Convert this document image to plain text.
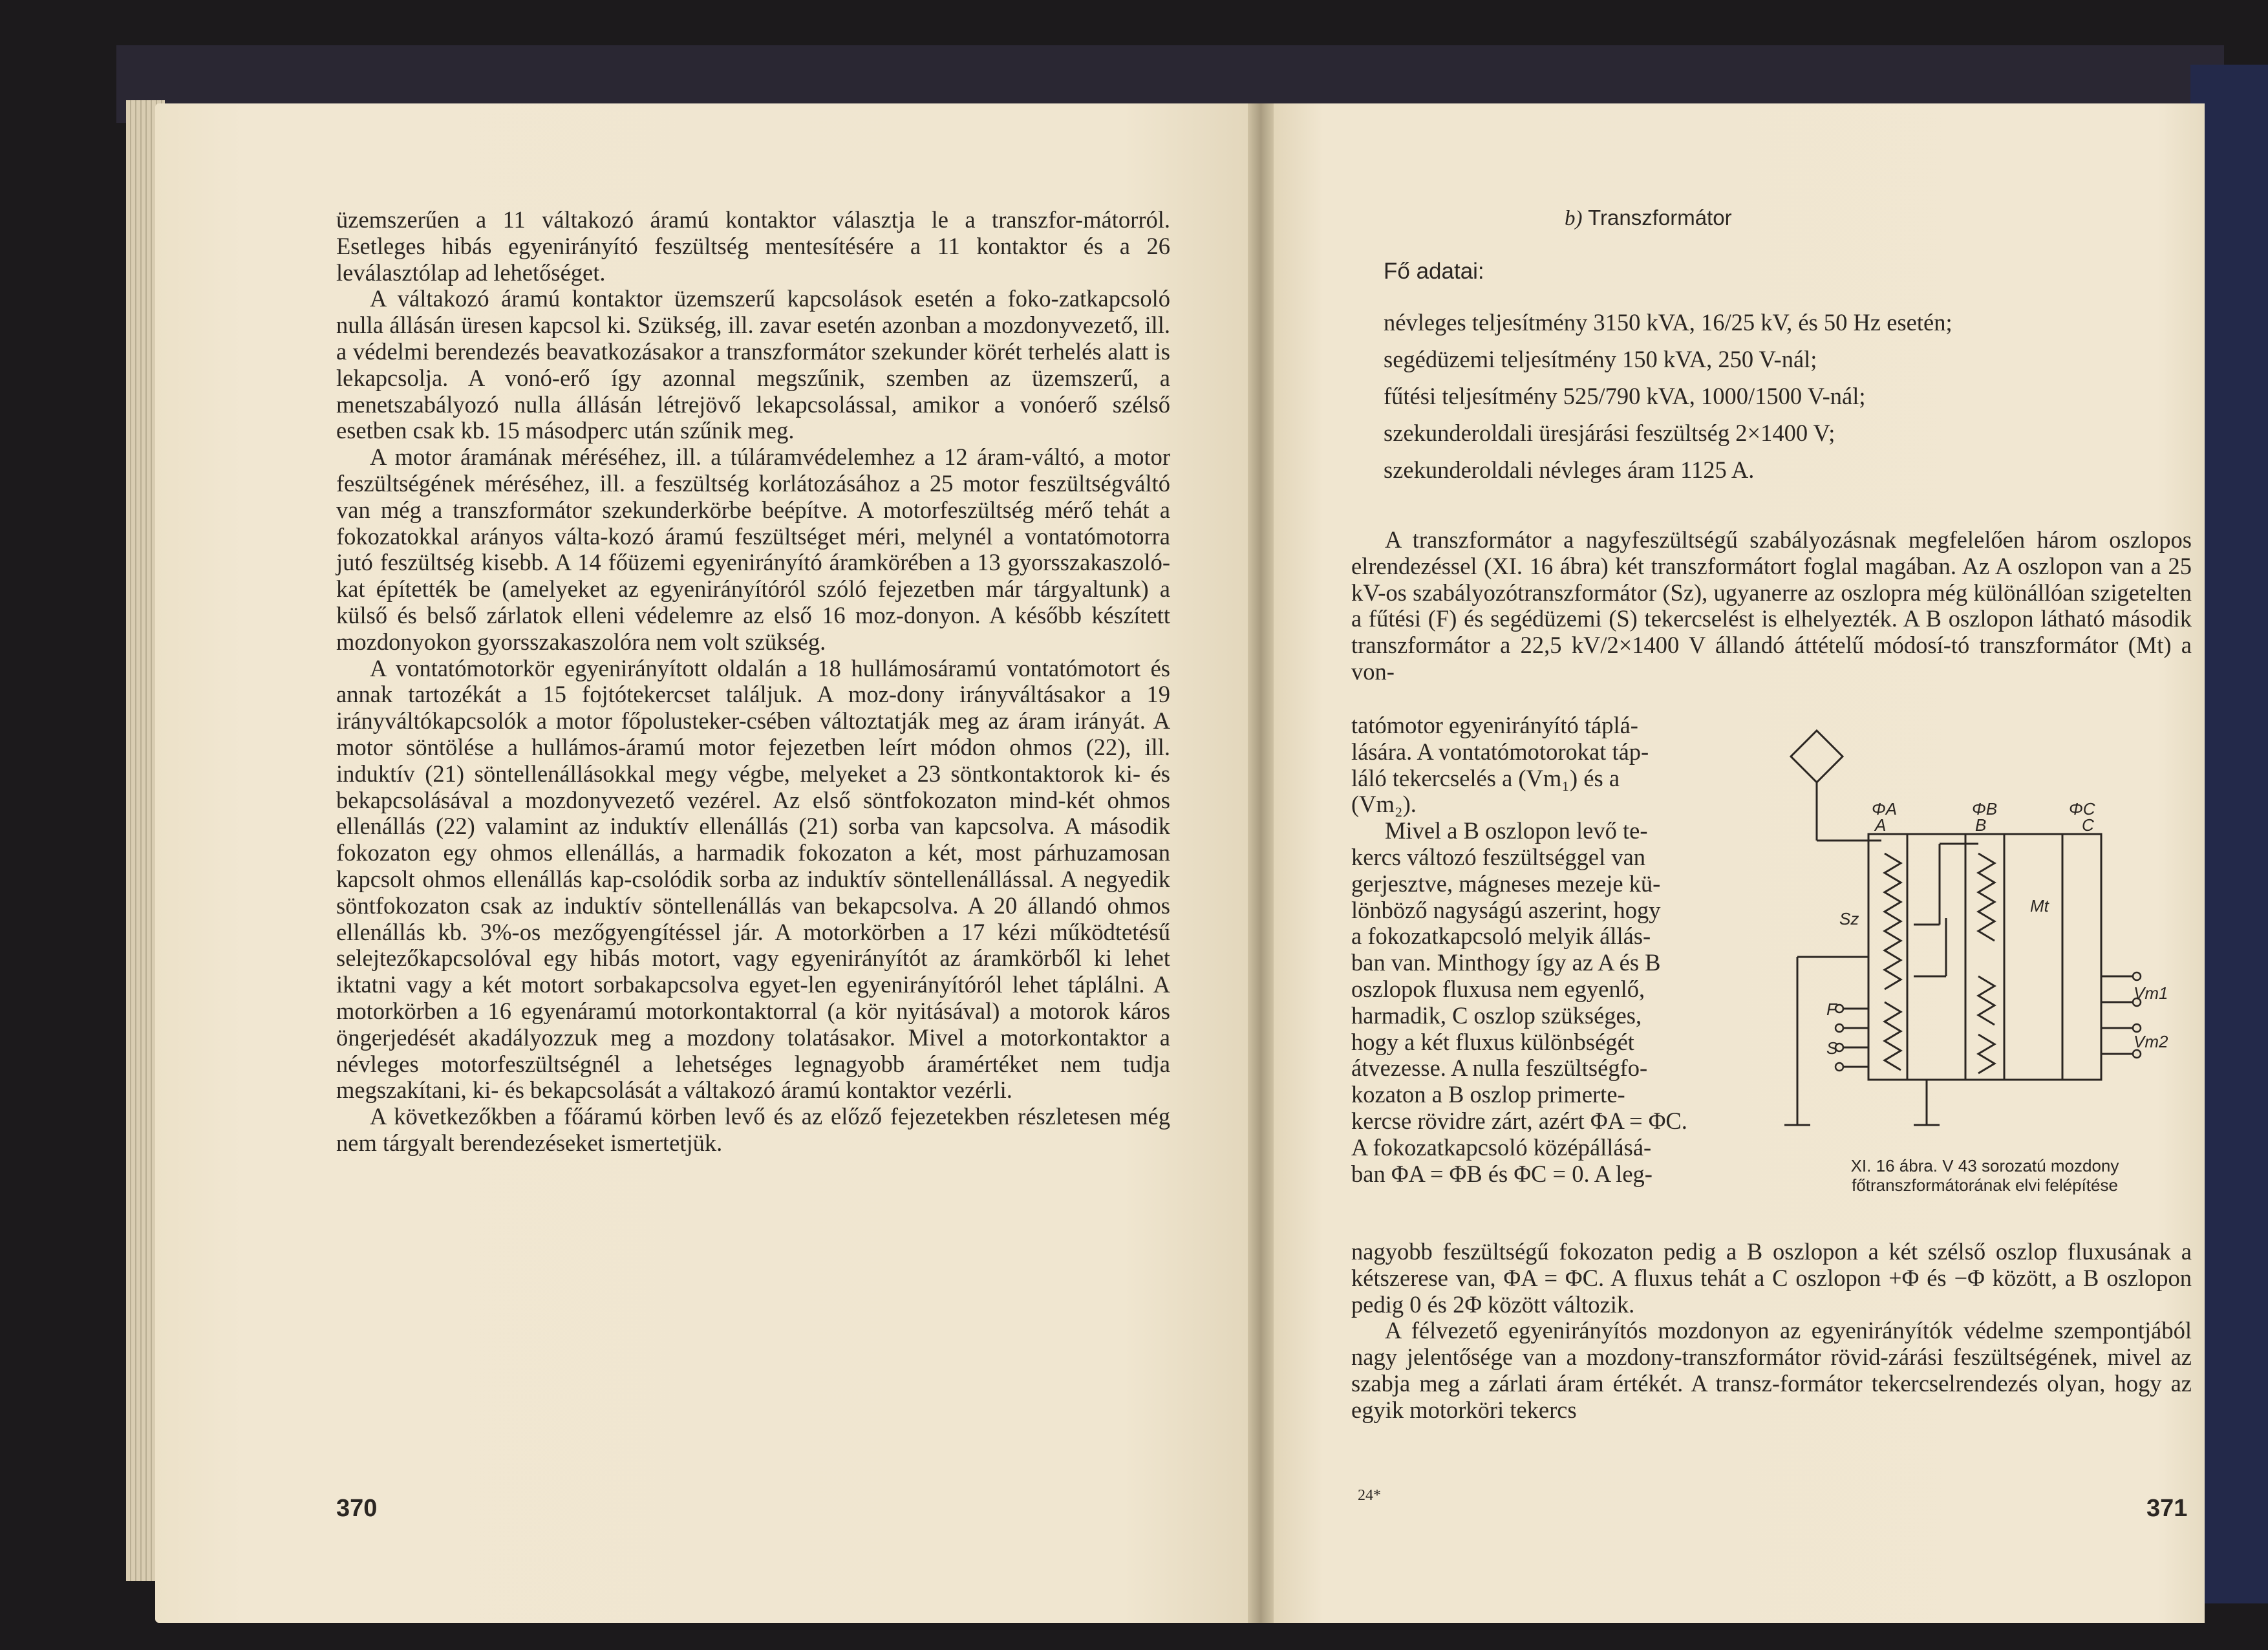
üzemszerűen a 11 váltakozó áramú kontaktor választja le a transzfor-mátorról. Esetleges hibás egyenirányító feszültség mentesítésére a 11 kontaktor és a 26 leválasztólap ad lehetőséget.

A váltakozó áramú kontaktor üzemszerű kapcsolások esetén a foko-zatkapcsoló nulla állásán üresen kapcsol ki. Szükség, ill. zavar esetén azonban a mozdonyvezető, ill. a védelmi berendezés beavatkozásakor a transzformátor szekunder körét terhelés alatt is lekapcsolja. A vonó-erő így azonnal megszűnik, szemben az üzemszerű, a menetszabályozó nulla állásán létrejövő lekapcsolással, amikor a vonóerő szélső esetben csak kb. 15 másodperc után szűnik meg.

A motor áramának méréséhez, ill. a túláramvédelemhez a 12 áram-váltó, a motor feszültségének méréséhez, ill. a feszültség korlátozásához a 25 motor feszültségváltó van még a transzformátor szekunderkörbe beépítve. A motorfeszültség mérő tehát a fokozatokkal arányos válta-kozó áramú feszültséget méri, melynél a vontatómotorra jutó feszültség kisebb. A 14 főüzemi egyenirányító áramkörében a 13 gyorsszakaszoló-kat építették be (amelyeket az egyenirányítóról szóló fejezetben már tárgyaltunk) a külső és belső zárlatok elleni védelemre az első 16 moz-donyon. A később készített mozdonyokon gyorsszakaszolóra nem volt szükség.

A vontatómotorkör egyenirányított oldalán a 18 hullámosáramú vontatómotort és annak tartozékát a 15 fojtótekercset találjuk. A moz-dony irányváltásakor a 19 irányváltókapcsolók a motor főpolusteker-csében változtatják meg az áram irányát. A motor söntölése a hullámos-áramú motor fejezetben leírt módon ohmos (22), ill. induktív (21) söntellenállásokkal megy végbe, melyeket a 23 söntkontaktorok ki- és bekapcsolásával a mozdonyvezető vezérel. Az első söntfokozaton mind-két ohmos ellenállás (22) valamint az induktív ellenállás (21) sorba van kapcsolva. A második fokozaton egy ohmos ellenállás, a harmadik fokozaton a két, most párhuzamosan kapcsolt ohmos ellenállás kap-csolódik sorba az induktív söntellenállással. A negyedik söntfokozaton csak az induktív söntellenállás van bekapcsolva. A 20 állandó ohmos ellenállás kb. 3%-os mezőgyengítéssel jár. A motorkörben a 17 kézi működtetésű selejtezőkapcsolóval egy hibás motort, vagy egyenirányítót az áramkörből ki lehet iktatni vagy a két motort sorbakapcsolva egyet-len egyenirányítóról lehet táplálni. A motorkörben a 16 egyenáramú motorkontaktorral (a kör nyitásával) a motorok káros öngerjedését akadályozzuk meg a mozdony tolatásakor. Mivel a motorkontaktor a névleges motorfeszültségnél a lehetséges legnagyobb áramértéket nem tudja megszakítani, ki- és bekapcsolását a váltakozó áramú kontaktor vezérli.

A következőkben a főáramú körben levő és az előző fejezetekben részletesen még nem tárgyalt berendezéseket ismertetjük.

370
b) Transzformátor
Fő adatai:
névleges teljesítmény 3150 kVA, 16/25 kV, és 50 Hz esetén;
segédüzemi teljesítmény 150 kVA, 250 V-nál;
fűtési teljesítmény 525/790 kVA, 1000/1500 V-nál;
szekunderoldali üresjárási feszültség 2×1400 V;
szekunderoldali névleges áram 1125 A.

A transzformátor a nagyfeszültségű szabályozásnak megfelelően három oszlopos elrendezéssel (XI. 16 ábra) két transzformátort foglal magában. Az A oszlopon van a 25 kV-os szabályozótranszformátor (Sz), ugyanerre az oszlopra még különállóan szigetelten a fűtési (F) és segédüzemi (S) tekercselést is elhelyezték. A B oszlopon látható második transzformátor a 22,5 kV/2×1400 V állandó áttételű módosí-tó transzformátor (Mt) a von-

tatómotor egyenirányító táplá-
lására. A vontatómotorokat táp-
láló tekercselés a (Vm₁) és a
(Vm₂).
Mivel a B oszlopon levő te-
kercs változó feszültséggel van
gerjesztve, mágneses mezeje kü-
lönböző nagyságú aszerint, hogy
a fokozatkapcsoló melyik állás-
ban van. Minthogy így az A és B
oszlopok fluxusa nem egyenlő,
harmadik, C oszlop szükséges,
hogy a két fluxus különbségét
átvezesse. A nulla feszültségfo-
kozaton a B oszlop primerte-
kercse rövidre zárt, azért ΦA = ΦC.
A fokozatkapcsoló középállásá-
ban ΦA = ΦB és ΦC = 0. A leg-
ΦA	ΦB	ΦC
A	B	C
Sz
Mt
F
S
Vm1
Vm2
XI. 16 ábra. V 43 sorozatú mozdony
főtranszformátorának elvi felépítése

nagyobb feszültségű fokozaton pedig a B oszlopon a két szélső oszlop fluxusának a kétszerese van, ΦA = ΦC. A fluxus tehát a C oszlopon +Φ és −Φ között, a B oszlopon pedig 0 és 2Φ között változik.

A félvezető egyenirányítós mozdonyon az egyenirányítók védelme szempontjából nagy jelentősége van a mozdony-transzformátor rövid-zárási feszültségének, mivel az szabja meg a zárlati áram értékét. A transz-formátor tekercselrendezés olyan, hogy az egyik motorköri tekercs

24*	371
